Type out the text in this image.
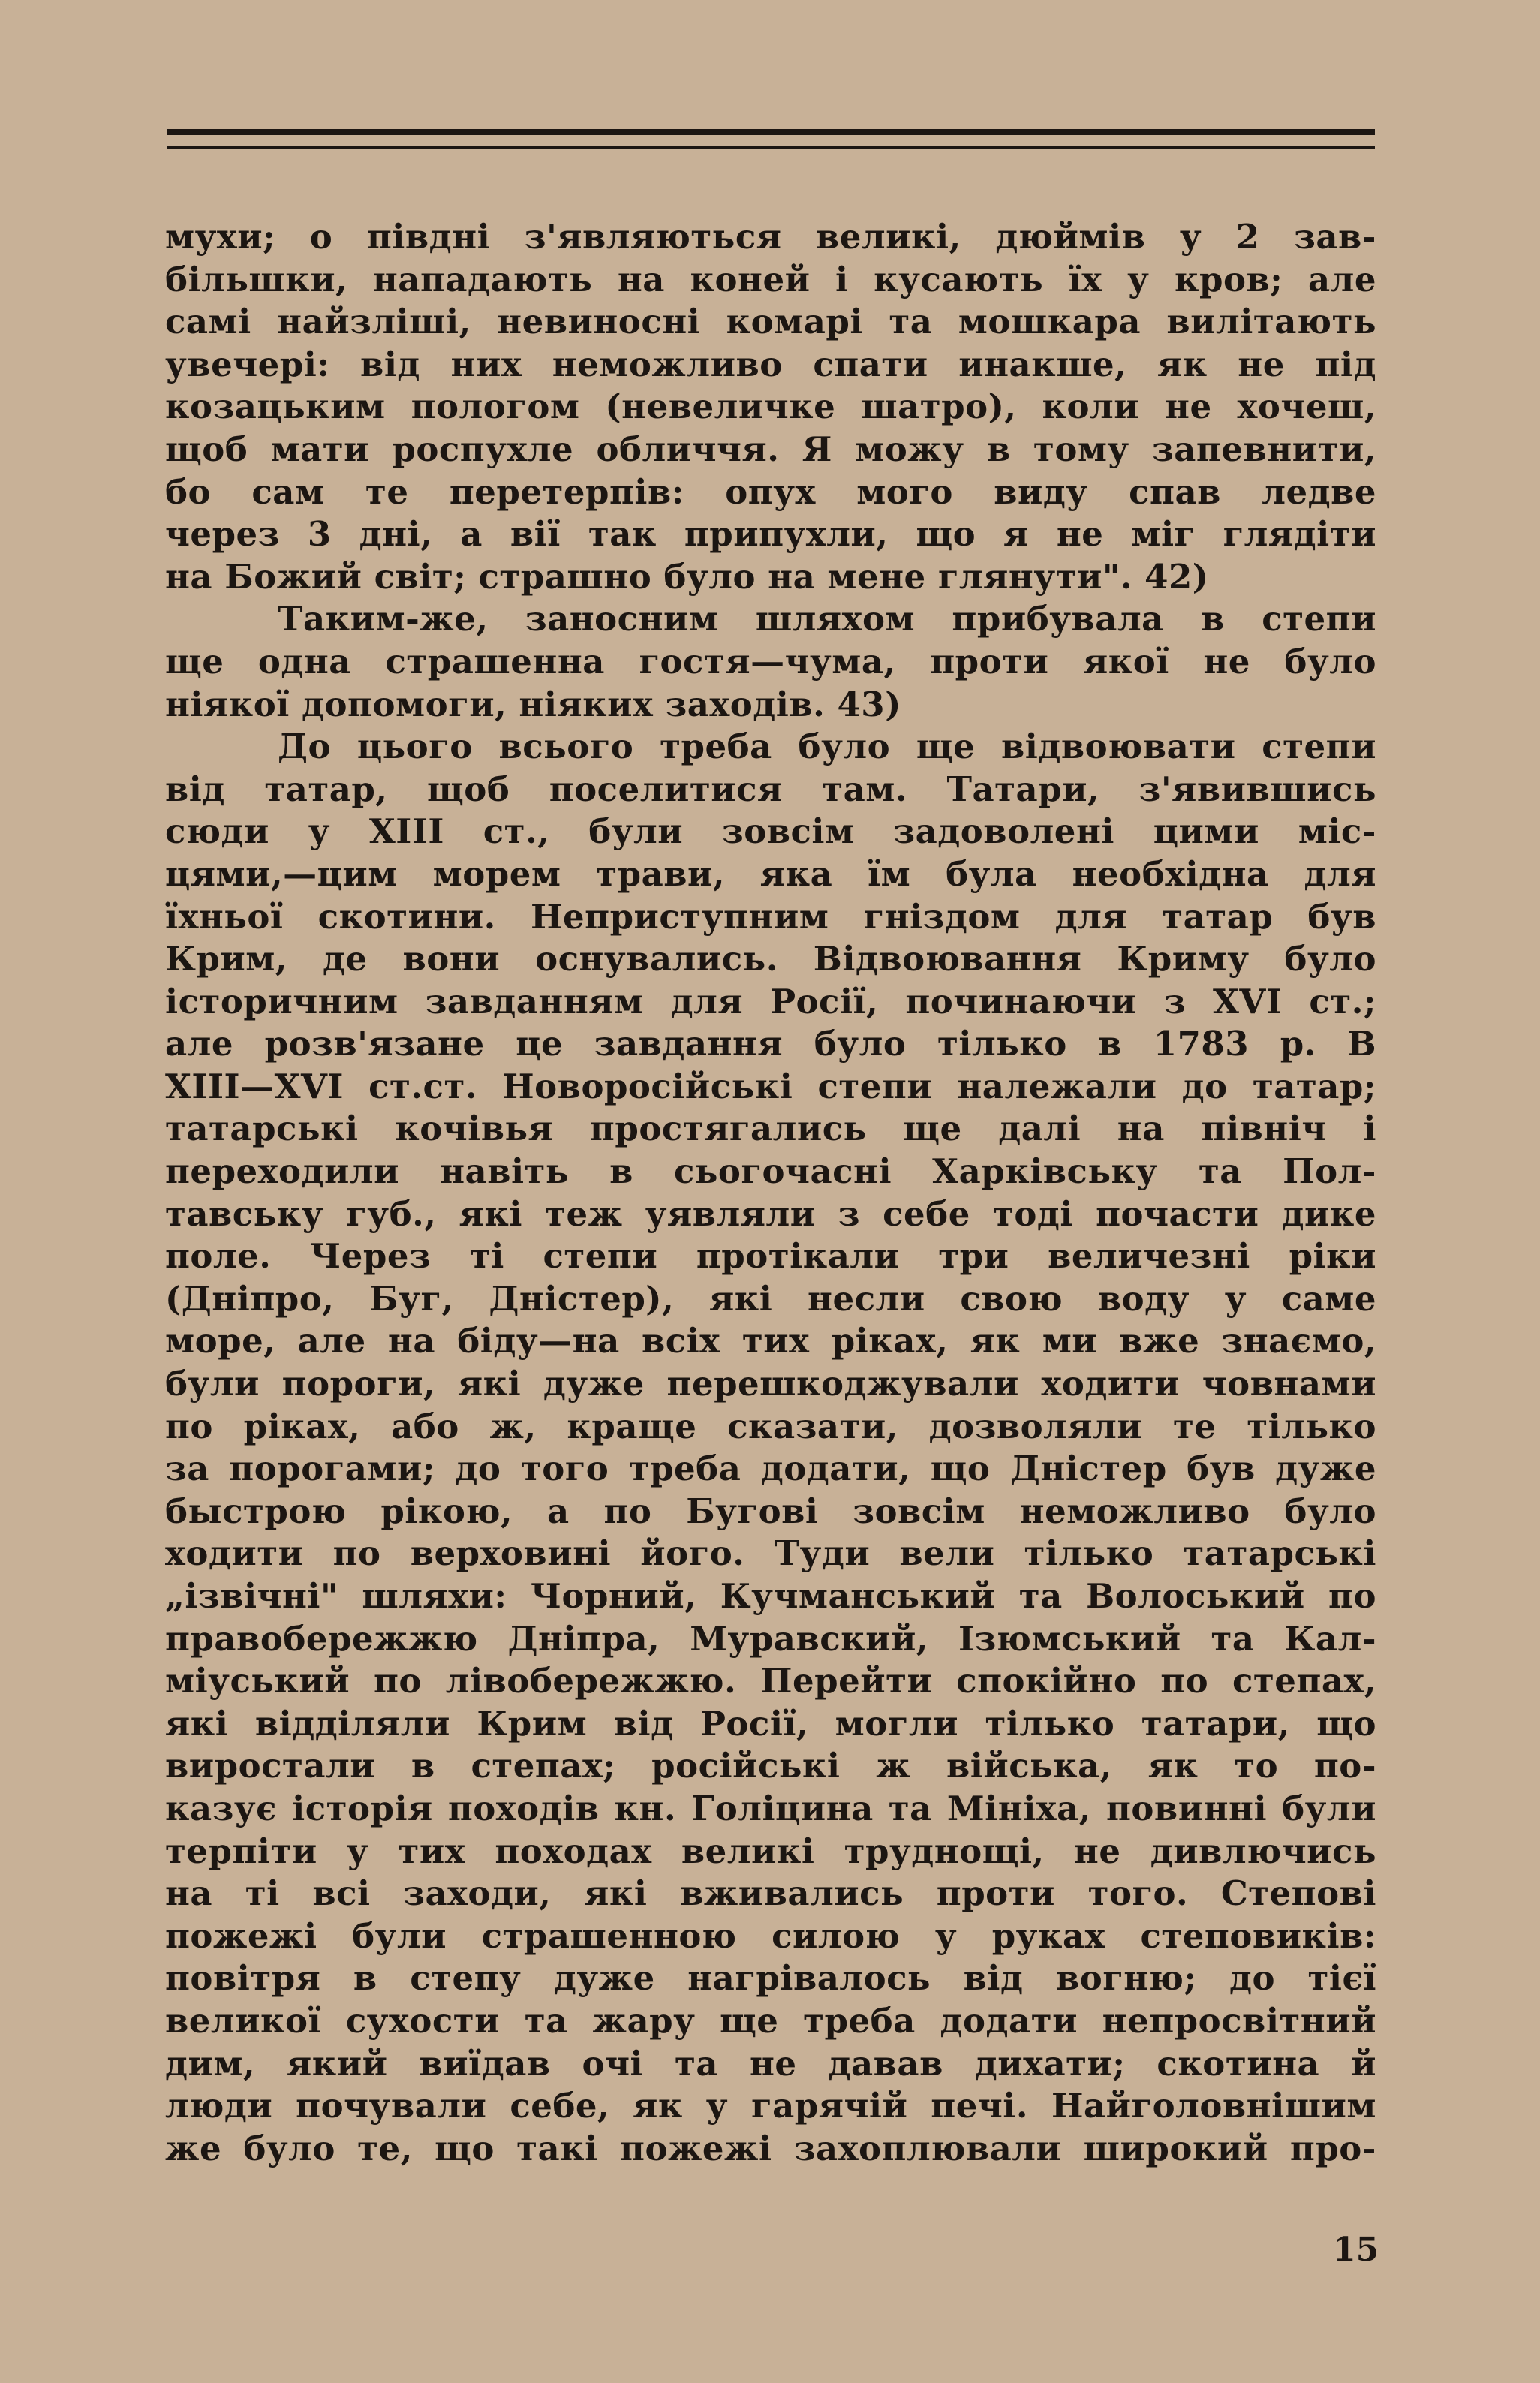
мухи; о півдні з'являються великі, дюймів у 2 зав-
більшки, нападають на коней і кусають їх у кров; але
самі найзліші, невиносні комарі та мошкара вилітають
увечері: від них неможливо спати инакше, як не під
козацьким пологом (невеличке шатро), коли не хочеш,
щоб мати роспухле обличчя. Я можу в тому запевнити,
бо сам те перетерпів: опух мого виду спав ледве
через 3 дні, а вії так припухли, що я не міг глядіти
на Божий світ; страшно було на мене глянути". 42)
Таким-же, заносним шляхом прибувала в степи
ще одна страшенна гостя—чума, проти якої не було
ніякої допомоги, ніяких заходів. 43)
До цього всього треба було ще відвоювати степи
від татар, щоб поселитися там. Татари, з'явившись
сюди у XIII ст., були зовсім задоволені цими міс-
цями,—цим морем трави, яка їм була необхідна для
їхньої скотини. Неприступним гніздом для татар був
Крим, де вони оснувались. Відвоювання Криму було
історичним завданням для Росії, починаючи з XVI ст.;
але розв'язане це завдання було тілько в 1783 р. В
XIII—XVI ст.ст. Новоросійські степи належали до татар;
татарські кочівья простягались ще далі на північ і
переходили навіть в сьогочасні Харківську та Пол-
тавську губ., які теж уявляли з себе тоді почасти дике
поле. Через ті степи протікали три величезні ріки
(Дніпро, Буг, Дністер), які несли свою воду у саме
море, але на біду—на всіх тих ріках, як ми вже знаємо,
були пороги, які дуже перешкоджували ходити човнами
по ріках, або ж, краще сказати, дозволяли те тілько
за порогами; до того треба додати, що Дністер був дуже
быстрою рікою, а по Бугові зовсім неможливо було
ходити по верховині його. Туди вели тілько татарські
„ізвічні" шляхи: Чорний, Кучманський та Волоський по
правобережжю Дніпра, Муравский, Ізюмський та Кал-
міуський по лівобережжю. Перейти спокійно по степах,
які відділяли Крим від Росії, могли тілько татари, що
виростали в степах; російські ж військa, як то по-
казує історія походів кн. Голіцина та Мініха, повинні були
терпіти у тих походах великі труднощі, не дивлючись
на ті всі заходи, які вживались проти того. Степові
пожежі були страшенною силою у руках степовиків:
повітря в степу дуже нагрівалось від вогню; до тієї
великої сухости та жару ще треба додати непросвітний
дим, який виїдав очі та не давав дихати; скотина й
люди почували себе, як у гарячій печі. Найголовнішим
же було те, що такі пожежі захоплювали широкий про-
15
